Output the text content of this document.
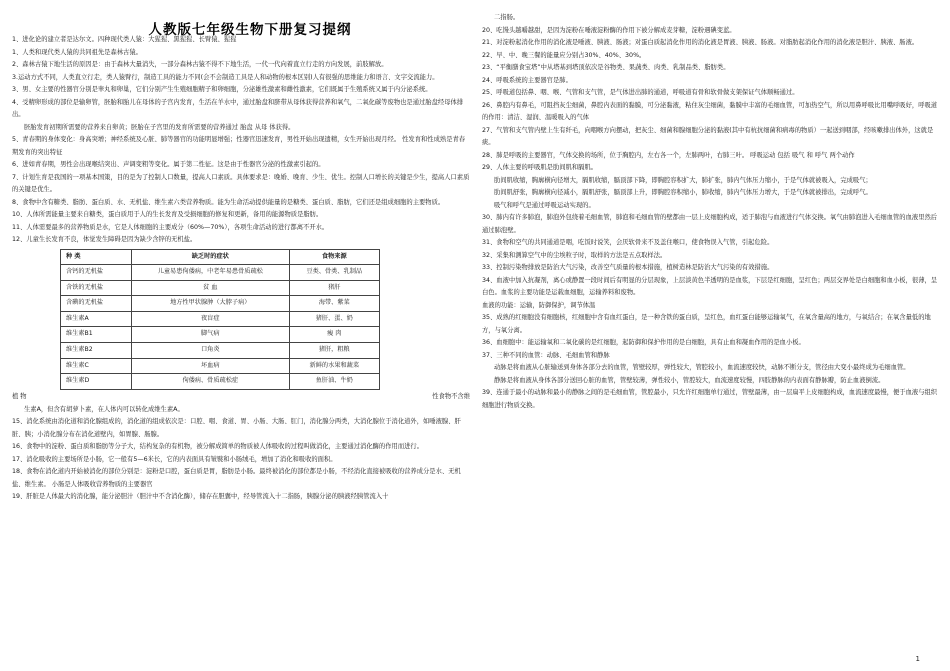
人教版七年级生物下册复习提纲

1、进化论的建立者是达尔文。四种现代类人猿：大猩猩、黑猩猩、长臂猿、猩猩

1、人类和现代类人猿的共同祖先是森林古猿。

2、森林古猿下地生活的原因是：由于森林大量消失，一部分森林古猿不得不下地生活，一代一代向着直立行走的方向发展，前肢解放。

3.运动方式不同，人类直立行走，类人猿臂行，制造工具的能力不同(会不会制造工具是人和动物的根本区别)人有很强的思维能力和语言、文字交流能力。

3、男、女主要的性器官分别是睾丸和卵巢，它们分别产生生殖细胞精子和卵细胞，分泌雄性激素和雌性激素，它们既属于生殖系统又属于内分泌系统。

4、受精卵形成的部位是输卵管，胚胎和胎儿在母体的子宫内发育，生活在羊水中，通过胎盘和脐带从母体获得营养和氧气，二氧化碳等废物也是通过胎盘经母体排出。

胚胎发育初期所需要的营养来自卵黄；胚胎在子宫里的发育所需要的营养通过 胎盘 从母 体获得。

5、青春期的身体变化：身高突增；神经系统及心脏、肺等器官的功能明显增强；性器官迅速发育，男性开始出现遗精，女生开始出现月经。 性发育和性成熟是青春期发育的突出特征

6、进如青春期，男性会出现喉结突出、声调变粗等变化。属于第二性征。这是由于性器官分泌的性激素引起的。

7、计划生育是我国的一项基本国策，目的是为了控制人口数量，提高人口素质。具体要求是：晚婚、晚育、少生、优生。控制人口增长的关键是少生，提高人口素质的关键是优生。

8、食物中含有糖类、脂肪、蛋白质、水、无机盐、维生素六类营养物质。能为生命活动提供能量的是糖类、蛋白质、脂肪，它们还是组成细胞的主要物质。

10、人体所需能量主要来自糖类，蛋白质用于人的生长发育及受损细胞的修复和更新，备用的能源物质是脂肪。

11、人体需要最多的营养物质是水，它是人体细胞的主要成分（60%—70%），各项生命活动的进行都离不开水。

12、儿童生长发育不良，体觉发生障碍是因为缺少含锌的无机盐。

种 类	缺乏时的症状	食物来源
含钙的无机盐	儿童易患佝偻病，中老年易患骨质疏松	豆类、骨类、乳制品
含铁的无机盐	贫 血	猪肝
含碘的无机盐	地方性甲状腺肿（大脖子病）	海带、紫菜
维生素A	夜盲症	猪肝、蛋、奶
维生素B1	脚气病	瘦 肉
维生素B2	口角炎	猪肝，粗粮
维生素C	坏血病	新鲜的水果和蔬菜
维生素D	佝偻病、骨质疏松症	鱼肝油、牛奶
植 物	性食物不含维

生素A，但含有胡萝卜素，在人体内可以转化成维生素A。

15、消化系统由消化道和消化腺组成的，消化道的组成依次是：口腔、咽、食道、胃、小肠、大肠、肛门，消化腺分两类，大消化腺位于消化道外，如唾液腺、肝脏、胰；小消化腺分布在消化道壁内，如胃腺、肠腺。

16、食物中的淀粉、蛋白质和脂肪等分子大，结构复杂的有机物，被分解成简单的物质被人体吸收的过程叫做消化，主要通过消化酶的作用而进行。

17、消化吸收的主要场所是小肠，它一般有5—6米长，它的内表面具有皱襞和小肠绒毛，增加了消化和吸收的面积。

18、食物在消化道内开始被消化的部位分别是：淀粉是口腔，蛋白质是胃，脂肪是小肠。最终被消化的部位都是小肠，不经消化直接被吸收的营养成分是水、无机盐、维生素。 小肠是人体吸收营养物质的主要器官

19、肝脏是人体最大的消化腺，能分泌胆汁（胆汁中不含消化酶），储存在胆囊中，经导管流入十二指肠，胰腺分泌的胰液经胰管流入十

二指肠。

20、吃馒头越嚼越甜，是因为淀粉在唾液淀粉酶的作用下被分解成麦芽糖，淀粉遇碘变蓝。

21、对淀粉起消化作用的消化液是唾液、胰液、肠液；对蛋白质起消化作用的消化液是胃液、胰液、肠液。对脂肪起消化作用的消化液是胆汁、胰液、肠液。

22、早、中、晚三餐的能量应分别占30%、40%、30%。

23、“平衡膳食宝塔”中从塔基到塔顶依次是谷物类、果蔬类、肉类、乳制品类、脂肪类。

24、呼吸系统的主要器官是肺。

25、呼吸道包括鼻、咽、喉、气管和支气管，是气体进出肺的通道，呼吸道有骨和软骨做支架保证气体顺畅通过。

26、鼻腔内有鼻毛，可阻挡灰尘细菌，鼻腔内表面的黏膜，可分泌黏液，粘住灰尘细菌，黏膜中丰富的毛细血管，可加热空气，所以用鼻呼吸比用嘴呼吸好，呼吸道的作用：清洁、湿润、温暖吸入的气体

27、气管和支气管内壁上生有纤毛，向咽喉方向摆动，把灰尘、细菌和腺细胞分泌的黏液(其中有杭抗细菌和病毒的物质）一起送到咽部，经咳嗽排出体外，这就是痰。

28、肺是呼吸的主要器官，气体交换的场所，位于胸腔内，左右各一个，左肺两叶，右肺三叶。 呼吸运动 包括 吸气 和 呼气 两个动作

29、人体主要的呼吸肌是肋间肌和膈肌。

肋间肌收缩，胸廓横向径增大，膈肌收缩，膈顶部下降，即胸腔容积扩大，肺扩张，肺内气体压力缩小，于是气体就被吸入，完成吸气；

肋间肌舒张，胸廓横向径减小，膈肌舒张，膈顶部上升，即胸腔容积缩小，肺收缩，肺内气体压力增大，于是气体就被排出，完成呼气。

吸气和呼气是通过呼吸运动实现的。

30、肺内有许多肺泡，肺泡外包绕着毛细血管，肺泡和毛细血管的壁都由一层上皮细胞构成，适于肺泡与血液进行气体交换。氧气由肺泡进入毛细血管的血液里然后通过肺泡壁。

31、食物和空气的共同通道是咽，吃饭时说笑，会厌软骨来不及盖住喉口，使食物误入气管，引起危险。

32、采集和测算空气中的尘埃粒子时，取样的方法是五点取样法。

33、控制污染物排放是防治大气污染，改善空气质量的根本措施，植树造林是防治大气污染的有效措施。

34、血液中加入抗凝剂，离心或静置一段时间后有明显的分层现象，上层淡黄色半透明的是血浆，下层是红细胞，呈红色；两层交界处是白细胞和血小板，很薄，呈白色。血浆的主要功能是运载血细胞，运输养料和废物。

血液的功能：运输，防御保护，调节体温

35、成熟的红细胞没有细胞核，红细胞中含有血红蛋白，是一种含铁的蛋白质，呈红色，血红蛋白能够运输氧气，在氧含量高的地方，与氧结合；在氧含量低的地方，与氧分离。

36、血细胞中：能运输氧和二氧化碳的是红细胞，起防御和保护作用的是白细胞，具有止血和凝血作用的是血小板。

37、三种不同的血管：动脉、毛细血管和静脉

动脉是将血液从心脏输送到身体各部分去的血管，管壁较厚，弹性较大，管腔较小，血流速度较快，动脉不断分支，管径由大变小最终成为毛细血管。

静脉是将血液从身体各部分送回心脏的血管，管壁较薄，弹性较小，管腔较大，血流速度较慢，四肢静脉的内表面有静脉瓣，防止血液倒流。

39、连通于最小的动脉和最小的静脉之间的是毛细血管，管腔最小，只允许红细胞单行通过，管壁最薄，由一层扁平上皮细胞构成，血流速度最慢，便于血液与组织细胞进行物质交换。

1
